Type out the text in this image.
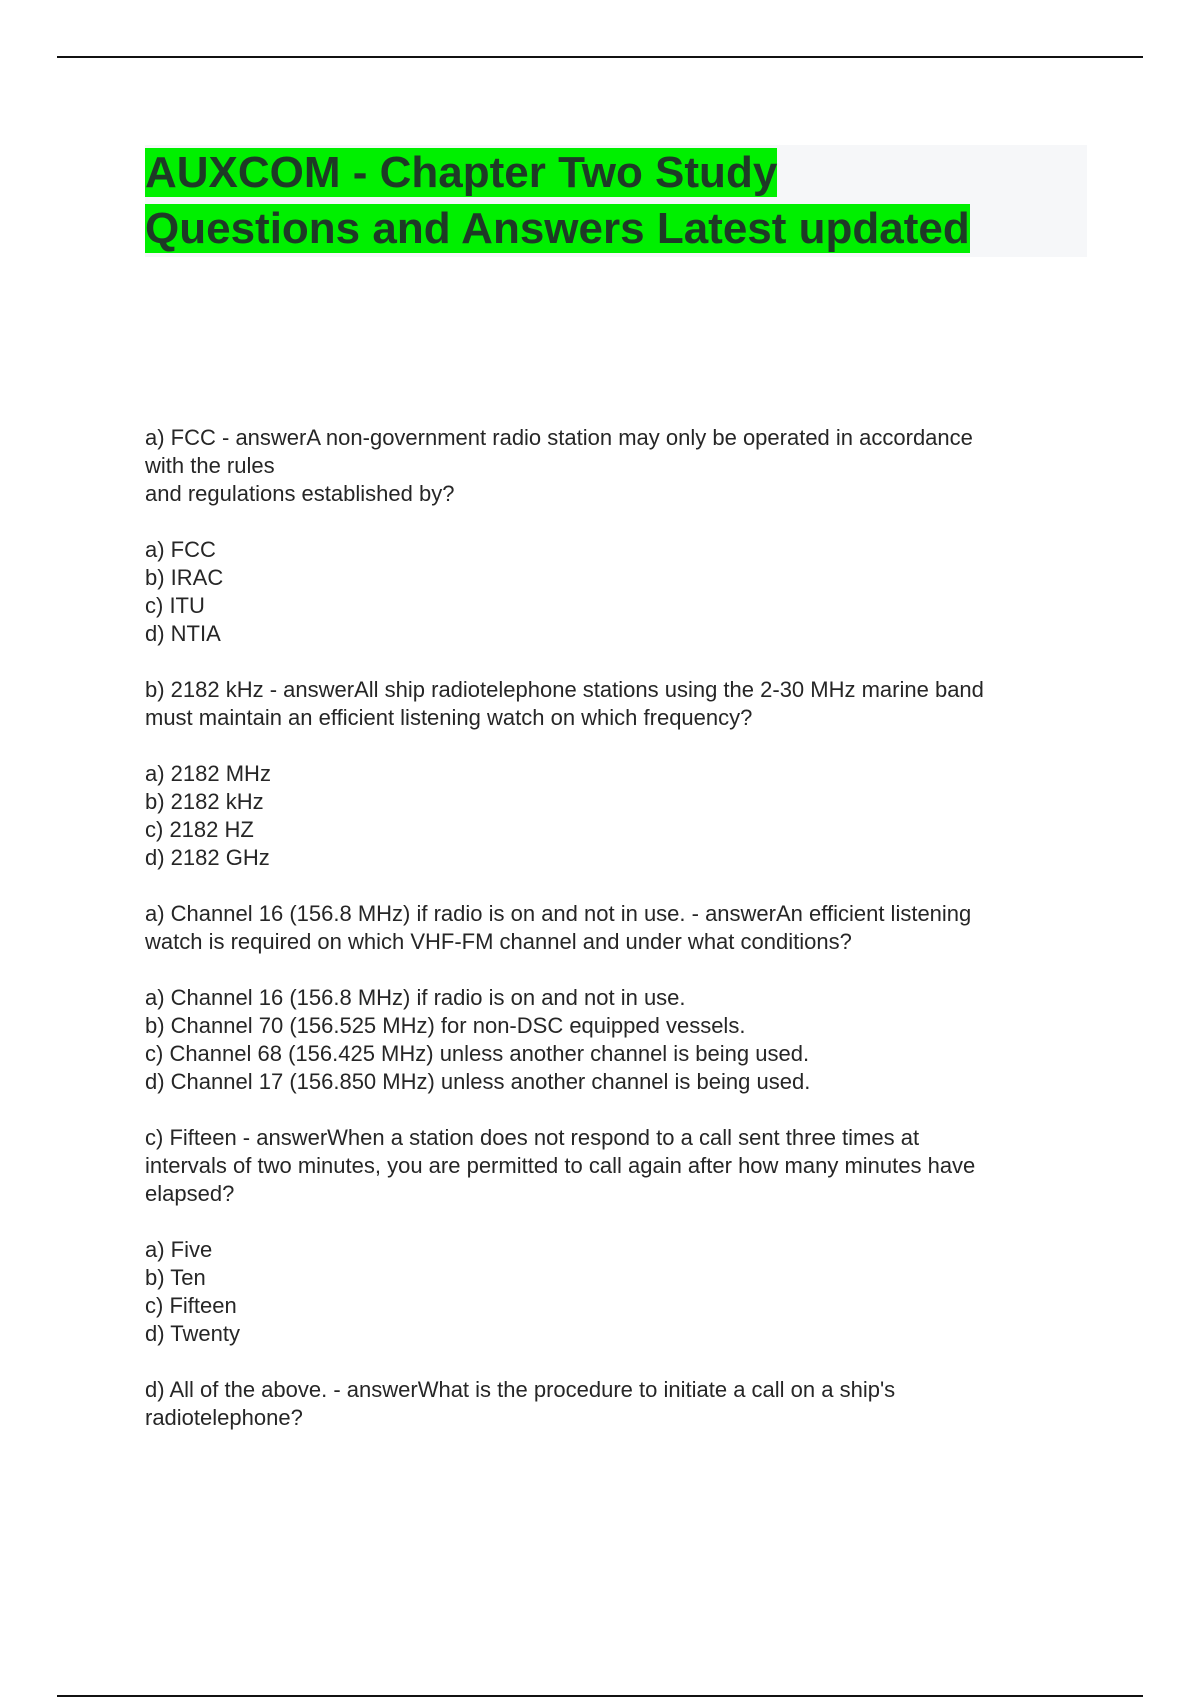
AUXCOM - Chapter Two Study
Questions and Answers Latest updated
a) FCC - answerA non-government radio station may only be operated in accordance
with the rules
and regulations established by?
a) FCC
b) IRAC
c) ITU
d) NTIA
b) 2182 kHz - answerAll ship radiotelephone stations using the 2-30 MHz marine band
must maintain an efficient listening watch on which frequency?
a) 2182 MHz
b) 2182 kHz
c) 2182 HZ
d) 2182 GHz
a) Channel 16 (156.8 MHz) if radio is on and not in use. - answerAn efficient listening
watch is required on which VHF-FM channel and under what conditions?
a) Channel 16 (156.8 MHz) if radio is on and not in use.
b) Channel 70 (156.525 MHz) for non-DSC equipped vessels.
c) Channel 68 (156.425 MHz) unless another channel is being used.
d) Channel 17 (156.850 MHz) unless another channel is being used.
c) Fifteen - answerWhen a station does not respond to a call sent three times at
intervals of two minutes, you are permitted to call again after how many minutes have
elapsed?
a) Five
b) Ten
c) Fifteen
d) Twenty
d) All of the above. - answerWhat is the procedure to initiate a call on a ship's
radiotelephone?
